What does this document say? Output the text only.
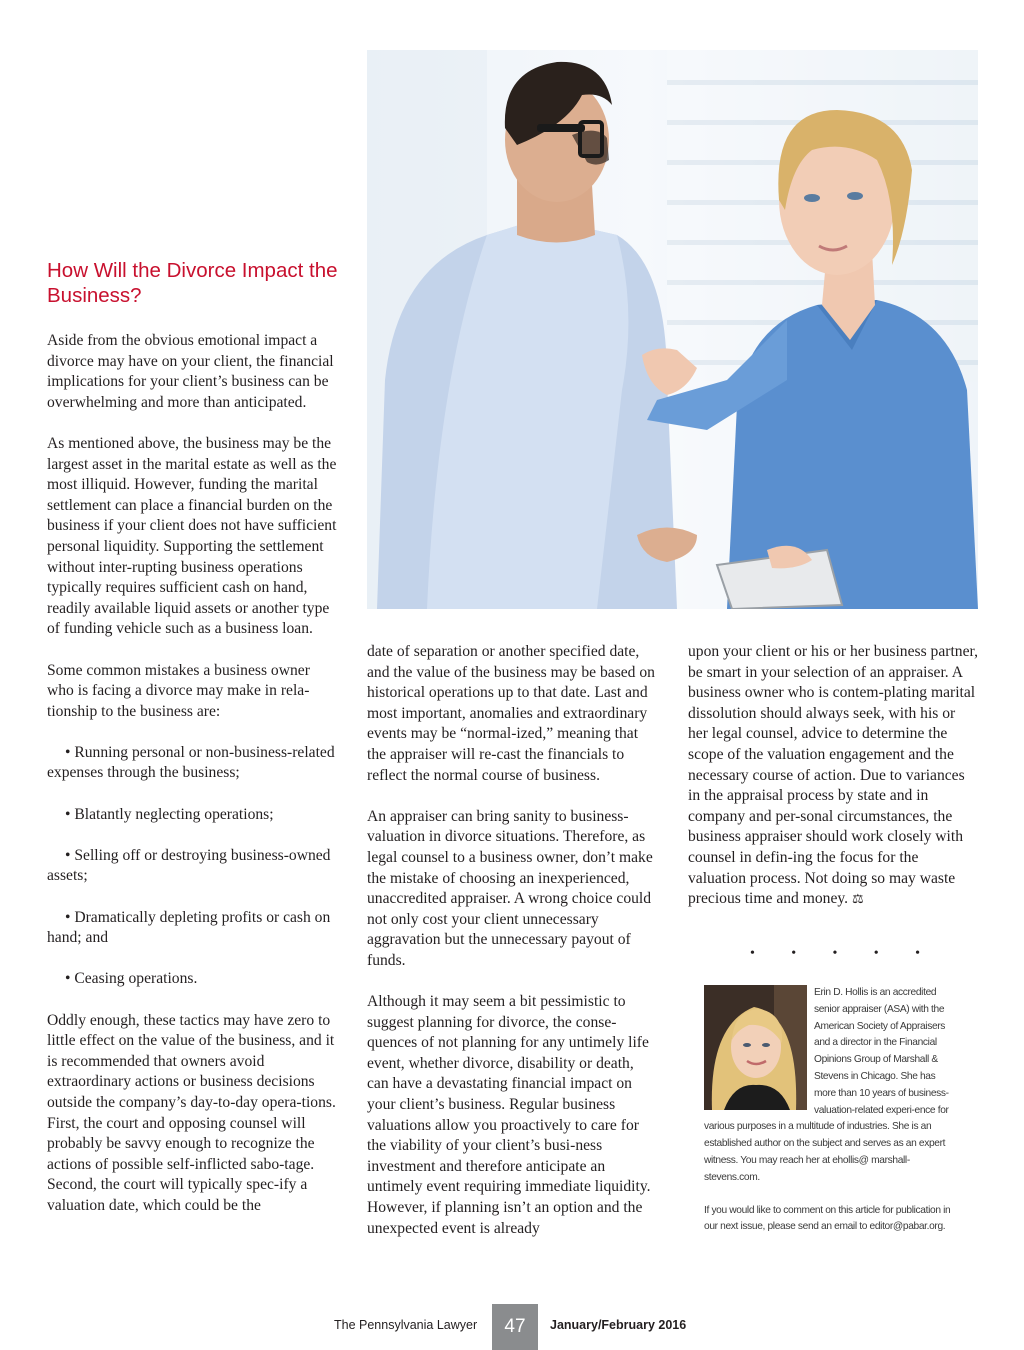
How Will the Divorce Impact the Business?

Aside from the obvious emotional impact a divorce may have on your client, the financial implications for your client’s business can be overwhelming and more than anticipated.

As mentioned above, the business may be the largest asset in the marital estate as well as the most illiquid. However, funding the marital settlement can place a financial burden on the business if your client does not have sufficient personal liquidity. Supporting the settlement without inter-rupting business operations typically requires sufficient cash on hand, readily available liquid assets or another type of funding vehicle such as a business loan.

Some common mistakes a business owner who is facing a divorce may make in rela-tionship to the business are:

• Running personal or non-business-related expenses through the business;

• Blatantly neglecting operations;

• Selling off or destroying business-owned assets;

• Dramatically depleting profits or cash on hand; and

• Ceasing operations.

Oddly enough, these tactics may have zero to little effect on the value of the business, and it is recommended that owners avoid extraordinary actions or business decisions outside the company’s day-to-day opera-tions. First, the court and opposing counsel will probably be savvy enough to recognize the actions of possible self-inflicted sabo-tage. Second, the court will typically spec-ify a valuation date, which could be the

date of separation or another specified date, and the value of the business may be based on historical operations up to that date. Last and most important, anomalies and extraordinary events may be “normal-ized,” meaning that the appraiser will re-cast the financials to reflect the normal course of business.

An appraiser can bring sanity to business-valuation in divorce situations. Therefore, as legal counsel to a business owner, don’t make the mistake of choosing an inexperienced, unaccredited appraiser. A wrong choice could not only cost your client unnecessary aggravation but the unnecessary payout of funds.

Although it may seem a bit pessimistic to suggest planning for divorce, the conse-quences of not planning for any untimely life event, whether divorce, disability or death, can have a devastating financial impact on your client’s business. Regular business valuations allow you proactively to care for the viability of your client’s busi-ness investment and therefore anticipate an untimely event requiring immediate liquidity. However, if planning isn’t an option and the unexpected event is already

upon your client or his or her business partner, be smart in your selection of an appraiser. A business owner who is contem-plating marital dissolution should always seek, with his or her legal counsel, advice to determine the scope of the valuation engagement and the necessary course of action. Due to variances in the appraisal process by state and in company and per-sonal circumstances, the business appraiser should work closely with counsel in defin-ing the focus for the valuation process. Not doing so may waste precious time and money. ⚖

•	•	•	•	•

Erin D. Hollis is an accredited senior appraiser (ASA) with the American Society of Appraisers and a director in the Financial Opinions Group of Marshall & Stevens in Chicago. She has more than 10 years of business-valuation-related experi-ence for various purposes in a multitude of industries. She is an established author on the subject and serves as an expert witness. You may reach her at ehollis@ marshall-stevens.com.

If you would like to comment on this article for publication in our next issue, please send an email to editor@pabar.org.

The Pennsylvania Lawyer 47 January/February 2016
